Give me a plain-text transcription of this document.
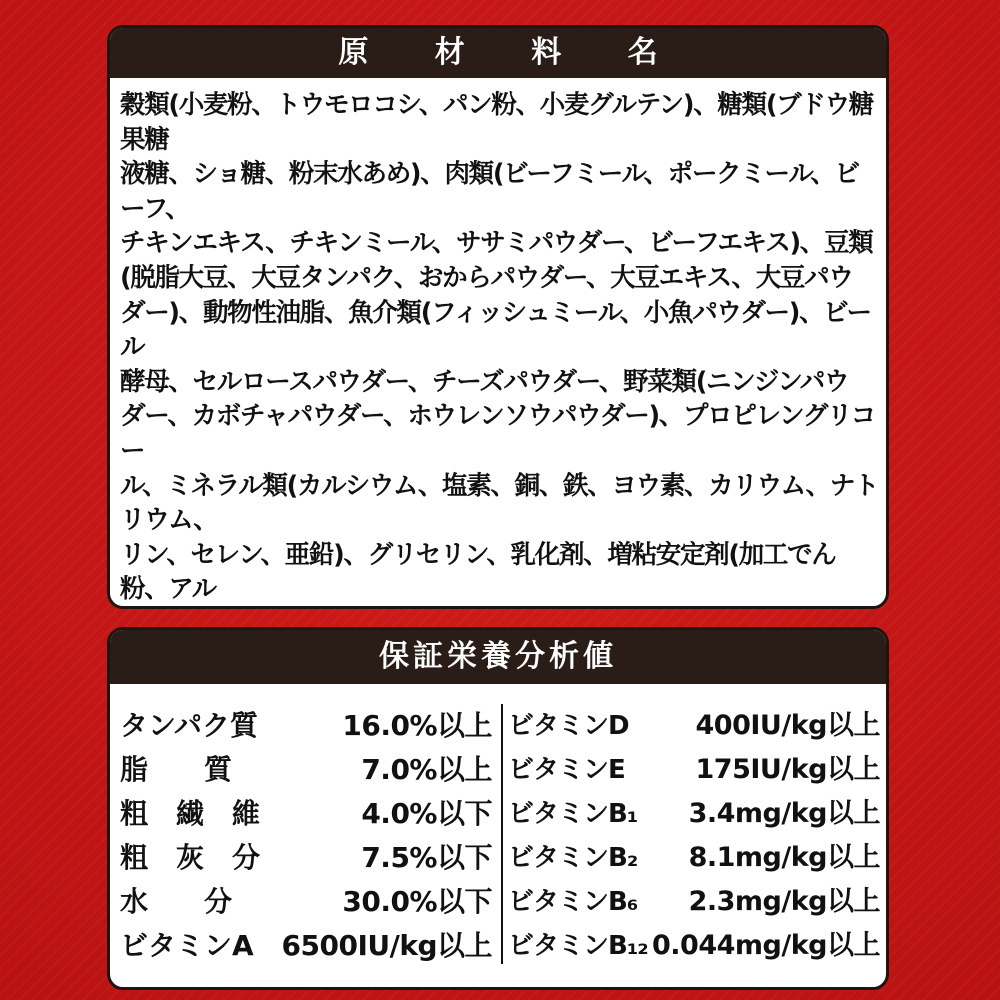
原 材 料 名
穀類(小麦粉、トウモロコシ、パン粉、小麦グルテン)、糖類(ブドウ糖果糖
液糖、ショ糖、粉末水あめ)、肉類(ビーフミール、ポークミール、ビーフ、
チキンエキス、チキンミール、ササミパウダー、ビーフエキス)、豆類
(脱脂大豆、大豆タンパク、おからパウダー、大豆エキス、大豆パウ
ダー)、動物性油脂、魚介類(フィッシュミール、小魚パウダー)、ビール
酵母、セルロースパウダー、チーズパウダー、野菜類(ニンジンパウ
ダー、カボチャパウダー、ホウレンソウパウダー)、プロピレングリコー
ル、ミネラル類(カルシウム、塩素、銅、鉄、ヨウ素、カリウム、ナトリウム、
リン、セレン、亜鉛)、グリセリン、乳化剤、増粘安定剤(加工でん粉、アル

保証栄養分析値
タンパク質	16.0%以上
脂　　質	7.0%以上
粗　繊　維	4.0%以下
粗　灰　分	7.5%以下
水　　分	30.0%以下
ビタミンA 6500IU/kg以上
ビタミンD 400IU/kg以上
ビタミンE	175IU/kg以上
ビタミンB₁ 3.4mg/kg以上
ビタミンB₂ 8.1mg/kg以上
ビタミンB₆ 2.3mg/kg以上
ビタミンB₁₂ 0.044mg/kg以上
